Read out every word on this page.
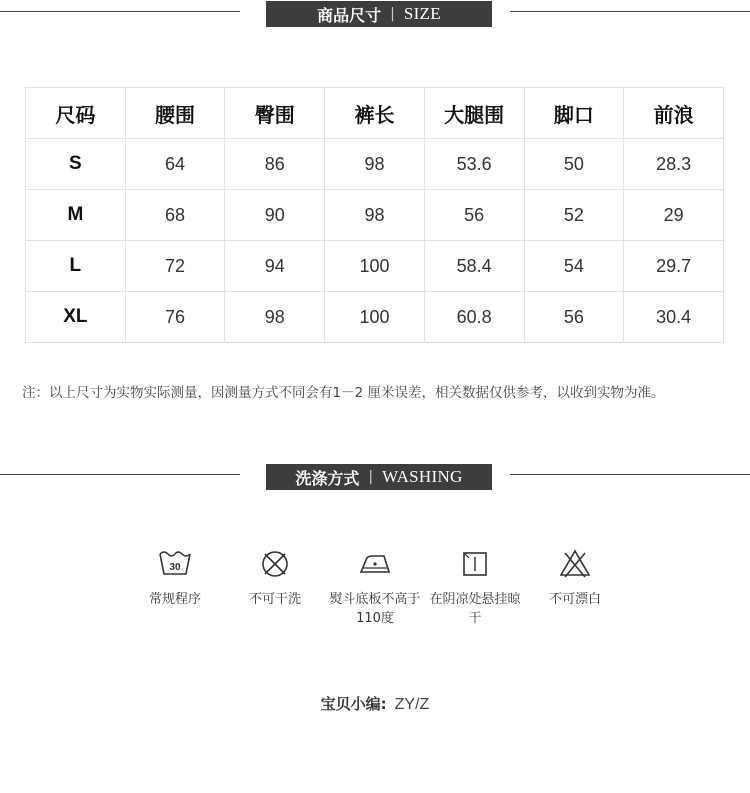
商品尺寸 | SIZE
尺码	腰围	臀围	裤长	大腿围	脚口	前浪
S	64	86	98	53.6	50	28.3
M	68	90	98	56	52	29
L	72	94	100	58.4	54	29.7
XL	76	98	100	60.8	56	30.4
注：以上尺寸为实物实际测量，因测量方式不同会有1－2 厘米误差，相关数据仅供参考，以收到实物为准。
洗涤方式 | WASHING
30
常规程序	不可干洗	熨斗底板不高于110度
在阴凉处悬挂晾干
不可漂白
宝贝小编: ZY/Z
